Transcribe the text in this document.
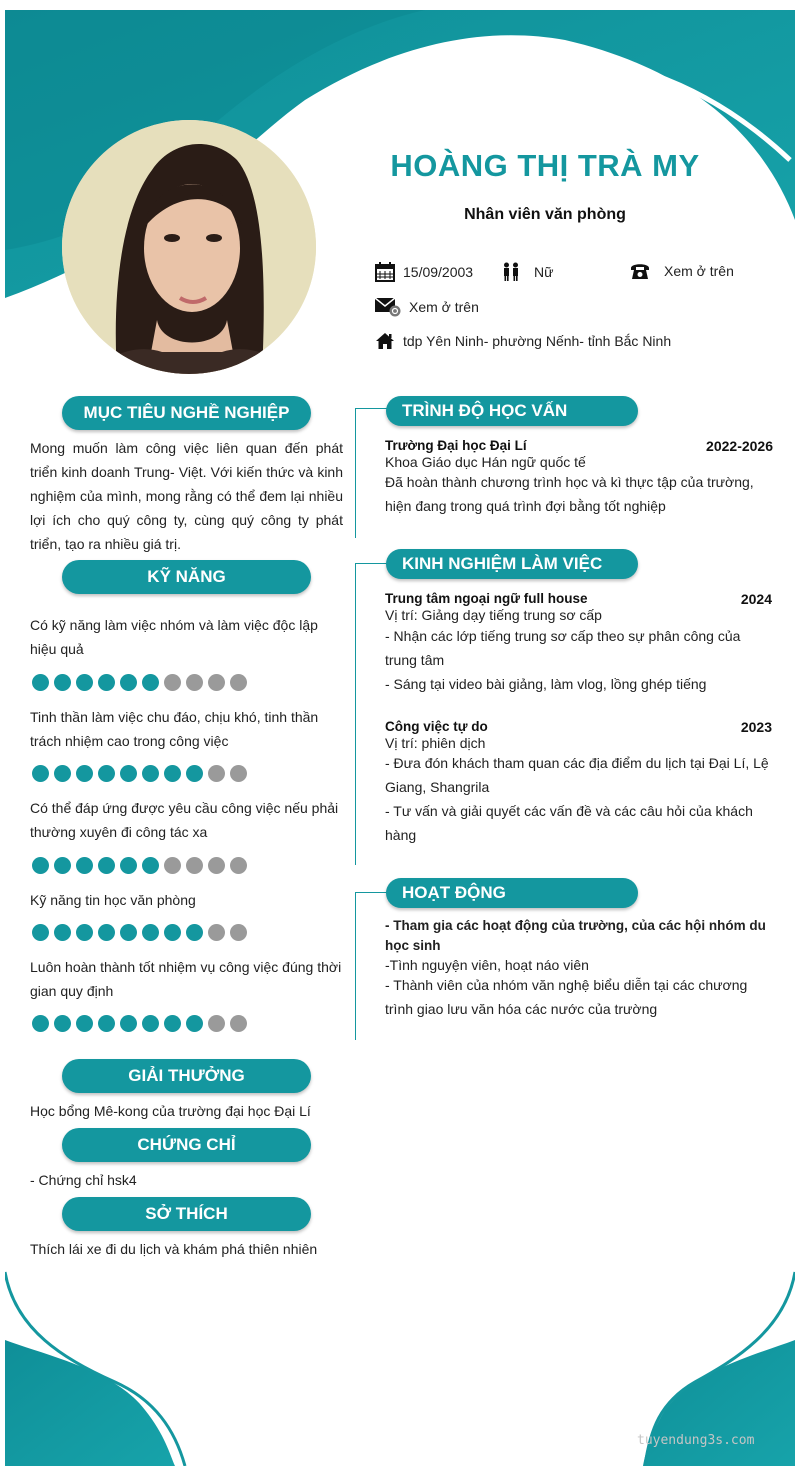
HOÀNG THỊ TRÀ MY
Nhân viên văn phòng
15/09/2003	Nữ	Xem ở trên
Xem ở trên
tdp Yên Ninh- phường Nếnh- tỉnh Bắc Ninh
MỤC TIÊU NGHỀ NGHIỆP
Mong muốn làm công việc liên quan đến phát triển kinh doanh Trung- Việt. Với kiến thức và kinh nghiệm của mình, mong rằng có thể đem lại nhiều lợi ích cho quý công ty, cùng quý công ty phát triển, tạo ra nhiều giá trị.
KỸ NĂNG
Có kỹ năng làm việc nhóm và làm việc độc lập hiệu quả
Tinh thần làm việc chu đáo, chịu khó, tinh thần trách nhiệm cao trong công việc
Có thể đáp ứng được yêu cầu công việc nếu phải thường xuyên đi công tác xa
Kỹ năng tin học văn phòng
Luôn hoàn thành tốt nhiệm vụ công việc đúng thời gian quy định
GIẢI THƯỞNG
Học bổng Mê-kong của trường đại học Đại Lí
CHỨNG CHỈ
- Chứng chỉ hsk4
SỞ THÍCH
Thích lái xe đi du lịch và khám phá thiên nhiên
TRÌNH ĐỘ HỌC VẤN
Trường Đại học Đại Lí	2022-2026
Khoa Giáo dục Hán ngữ quốc tế
Đã hoàn thành chương trình học và kì thực tập của trường, hiện đang trong quá trình đợi bằng tốt nghiệp
KINH NGHIỆM LÀM VIỆC
Trung tâm ngoại ngữ full house	2024
Vị trí: Giảng dạy tiếng trung sơ cấp
- Nhận các lớp tiếng trung sơ cấp theo sự phân công của trung tâm
- Sáng tại video bài giảng, làm vlog, lồng ghép tiếng
Công việc tự do	2023
Vị trí: phiên dịch
- Đưa đón khách tham quan các địa điểm du lịch tại Đại Lí, Lệ Giang, Shangrila
- Tư vấn và giải quyết các vấn đề và các câu hỏi của khách hàng
HOẠT ĐỘNG
- Tham gia các hoạt động của trường, của các hội nhóm du học sinh
-Tình nguyện viên, hoạt náo viên
- Thành viên của nhóm văn nghệ biểu diễn tại các chương trình giao lưu văn hóa các nước của trường
tuyendung3s.com
